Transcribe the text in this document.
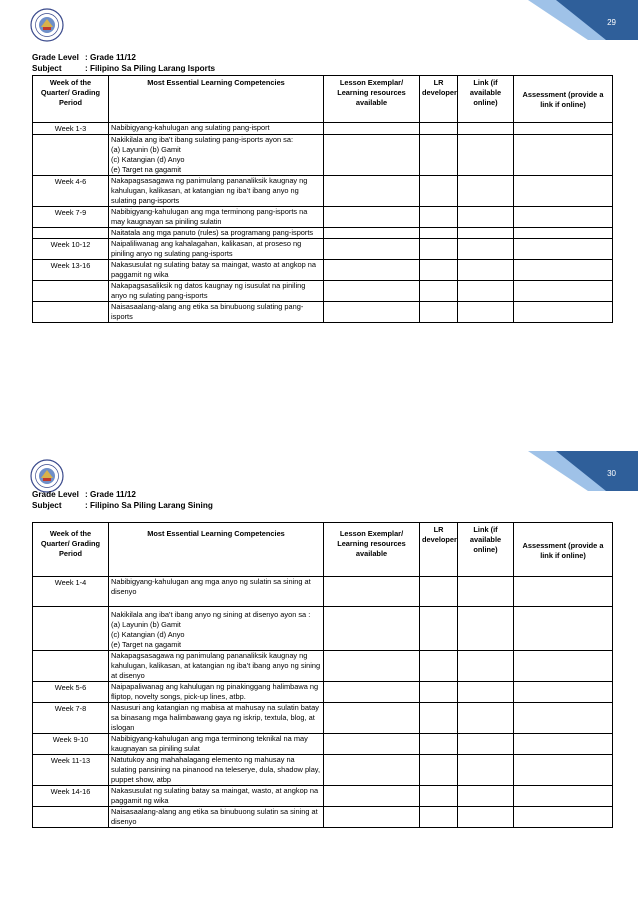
29
Grade Level : Grade 11/12
Subject	: Filipino Sa Piling Larang Isports
Week of the Quarter/ Grading Period	Most Essential Learning Competencies	Lesson Exemplar/ Learning resources available	LR developer	Link (if available online)	Assessment (provide a link if online)
Week 1-3	Nabibigyang-kahulugan ang sulating pang-isport				
	Nakikilala ang iba’t ibang sulating pang-isports ayon sa:
(a) Layunin (b) Gamit
(c) Katangian (d) Anyo
(e) Target na gagamit				
Week 4-6	Nakapagsasagawa ng panimulang pananaliksik kaugnay ng kahulugan, kalikasan, at katangian ng iba’t ibang anyo ng sulating pang-isports				
Week 7-9	Nabibigyang-kahulugan ang mga terminong pang-isports na may kaugnayan sa piniling sulatin				
	Naitatala ang mga panuto (rules) sa programang pang-isports				
Week 10-12	Naipaliliwanag ang kahalagahan, kalikasan, at proseso ng piniling anyo ng sulating pang-isports				
Week 13-16	Nakasusulat ng sulating batay sa maingat, wasto at angkop na paggamit ng wika				
	Nakapagsasaliksik ng datos kaugnay ng isusulat na piniling anyo ng sulating pang-isports				
	Naisasaalang-alang ang etika sa binubuong sulating pang-isports				
30
Grade Level : Grade 11/12
Subject	: Filipino Sa Piling Larang Sining
Week of the Quarter/ Grading Period	Most Essential Learning Competencies	Lesson Exemplar/ Learning resources available	LR developer	Link (if available online)	Assessment (provide a link if online)
Week 1-4	Nabibigyang-kahulugan ang mga anyo ng sulatin sa sining at disenyo				
	Nakikilala ang iba’t ibang anyo ng sining at disenyo ayon sa :
(a) Layunin (b) Gamit
(c) Katangian (d) Anyo
(e) Target na gagamit				
	Nakapagsasagawa ng panimulang pananaliksik kaugnay ng kahulugan, kalikasan, at katangian ng iba’t ibang anyo ng sining at disenyo				
Week 5-6	Naipapaliwanag ang kahulugan ng pinakinggang halimbawa ng fliptop, novelty songs, pick-up lines, atbp.				
Week 7-8	Nasusuri ang katangian ng mabisa at mahusay na sulatin batay sa binasang mga halimbawang gaya ng iskrip, textula, blog, at islogan				
Week 9-10	Nabibigyang-kahulugan ang mga terminong teknikal na may kaugnayan sa piniling sulat				
Week 11-13	Natutukoy ang mahahalagang elemento ng mahusay na sulating pansining na pinanood na teleserye, dula, shadow play, puppet show, atbp				
Week 14-16	Nakasusulat ng sulating batay sa maingat, wasto, at angkop na paggamit ng wika				
	Naisasaalang-alang ang etika sa binubuong sulatin sa sining at disenyo				
